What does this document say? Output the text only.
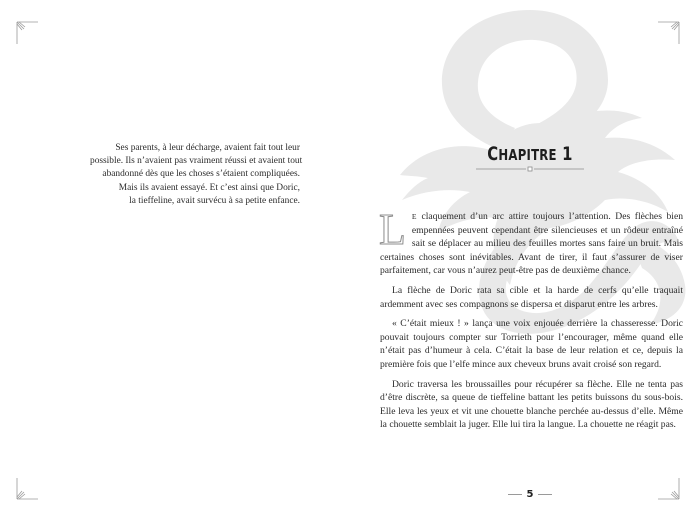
Ses parents, à leur décharge, avaient fait tout leur
possible. Ils n’avaient pas vraiment réussi et avaient tout
abandonné dès que les choses s’étaient compliquées.
Mais ils avaient essayé. Et c’est ainsi que Doric,
la tieffeline, avait survécu à sa petite enfance.
CHAPITRE 1

LE claquement d’un arc attire toujours l’attention. Des flèches bien empennées peuvent cependant être silencieuses et un rôdeur entraîné sait se déplacer au milieu des feuilles mortes sans faire un bruit. Mais certaines choses sont inévitables. Avant de tirer, il faut s’assurer de viser parfaitement, car vous n’aurez peut-être pas de deuxième chance.

La flèche de Doric rata sa cible et la harde de cerfs qu’elle traquait ardemment avec ses compagnons se dispersa et disparut entre les arbres.

« C’était mieux ! » lança une voix enjouée derrière la chasseresse. Doric pouvait toujours compter sur Torrieth pour l’encourager, même quand elle n’était pas d’humeur à cela. C’était la base de leur relation et ce, depuis la première fois que l’elfe mince aux cheveux bruns avait croisé son regard.

Doric traversa les broussailles pour récupérer sa flèche. Elle ne tenta pas d’être discrète, sa queue de tieffeline battant les petits buissons du sous-bois. Elle leva les yeux et vit une chouette blanche perchée au-dessus d’elle. Même la chouette semblait la juger. Elle lui tira la langue. La chouette ne réagit pas.

5
